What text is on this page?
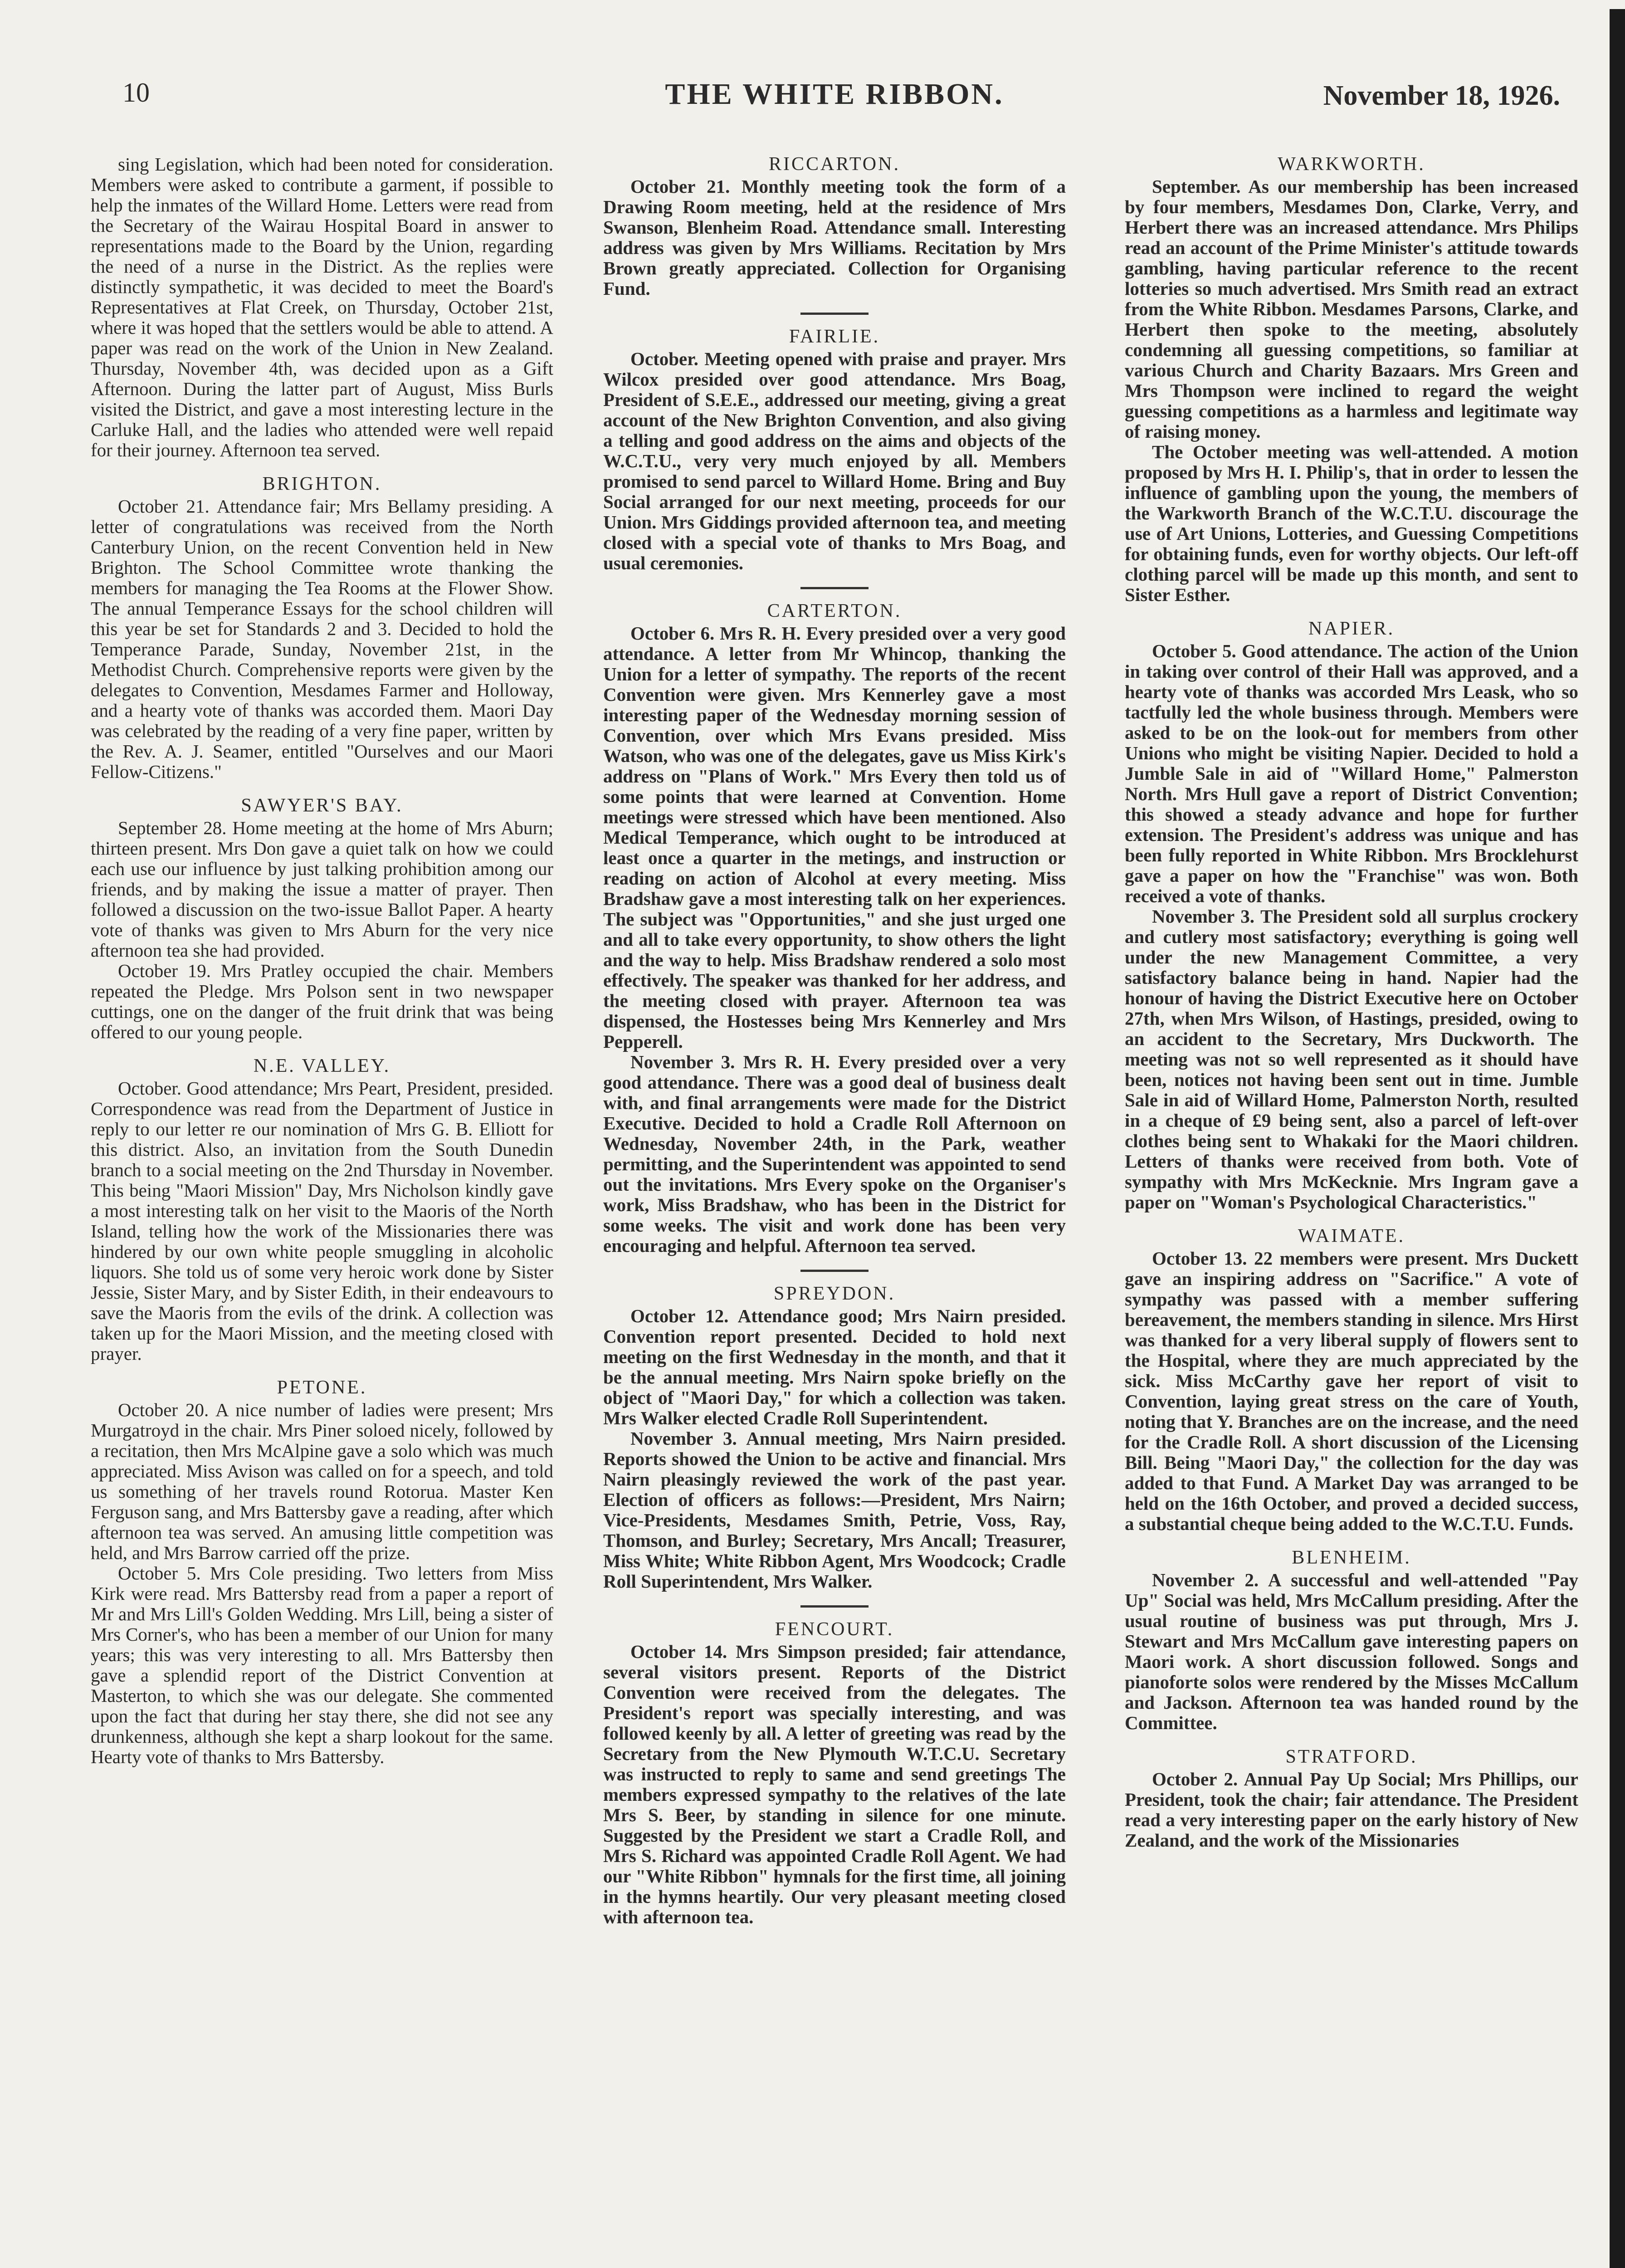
10	THE WHITE RIBBON.	November 18, 1926.

sing Legislation, which had been noted for consideration. Members were asked to contribute a garment, if possible to help the inmates of the Willard Home. Letters were read from the Secretary of the Wairau Hospital Board in answer to representations made to the Board by the Union, regarding the need of a nurse in the District. As the replies were distinctly sympathetic, it was decided to meet the Board's Representatives at Flat Creek, on Thursday, October 21st, where it was hoped that the settlers would be able to attend. A paper was read on the work of the Union in New Zealand. Thursday, November 4th, was decided upon as a Gift Afternoon. During the latter part of August, Miss Burls visited the District, and gave a most interesting lecture in the Carluke Hall, and the ladies who attended were well repaid for their journey. Afternoon tea served.

BRIGHTON.

October 21. Attendance fair; Mrs Bellamy presiding. A letter of congratulations was received from the North Canterbury Union, on the recent Convention held in New Brighton. The School Committee wrote thanking the members for managing the Tea Rooms at the Flower Show. The annual Temperance Essays for the school children will this year be set for Standards 2 and 3. Decided to hold the Temperance Parade, Sunday, November 21st, in the Methodist Church. Comprehensive reports were given by the delegates to Convention, Mesdames Farmer and Holloway, and a hearty vote of thanks was accorded them. Maori Day was celebrated by the reading of a very fine paper, written by the Rev. A. J. Seamer, entitled "Ourselves and our Maori Fellow-Citizens."

SAWYER'S BAY.

September 28. Home meeting at the home of Mrs Aburn; thirteen present. Mrs Don gave a quiet talk on how we could each use our influence by just talking prohibition among our friends, and by making the issue a matter of prayer. Then followed a discussion on the two-issue Ballot Paper. A hearty vote of thanks was given to Mrs Aburn for the very nice afternoon tea she had provided.

October 19. Mrs Pratley occupied the chair. Members repeated the Pledge. Mrs Polson sent in two newspaper cuttings, one on the danger of the fruit drink that was being offered to our young people.

N.E. VALLEY.

October. Good attendance; Mrs Peart, President, presided. Correspondence was read from the Department of Justice in reply to our letter re our nomination of Mrs G. B. Elliott for this district. Also, an invitation from the South Dunedin branch to a social meeting on the 2nd Thursday in November. This being "Maori Mission" Day, Mrs Nicholson kindly gave a most interesting talk on her visit to the Maoris of the North Island, telling how the work of the Missionaries there was hindered by our own white people smuggling in alcoholic liquors. She told us of some very heroic work done by Sister Jessie, Sister Mary, and by Sister Edith, in their endeavours to save the Maoris from the evils of the drink. A collection was taken up for the Maori Mission, and the meeting closed with prayer.

PETONE.

October 20. A nice number of ladies were present; Mrs Murgatroyd in the chair. Mrs Piner soloed nicely, followed by a recitation, then Mrs McAlpine gave a solo which was much appreciated. Miss Avison was called on for a speech, and told us something of her travels round Rotorua. Master Ken Ferguson sang, and Mrs Battersby gave a reading, after which afternoon tea was served. An amusing little competition was held, and Mrs Barrow carried off the prize.

October 5. Mrs Cole presiding. Two letters from Miss Kirk were read. Mrs Battersby read from a paper a report of Mr and Mrs Lill's Golden Wedding. Mrs Lill, being a sister of Mrs Corner's, who has been a member of our Union for many years; this was very interesting to all. Mrs Battersby then gave a splendid report of the District Convention at Masterton, to which she was our delegate. She commented upon the fact that during her stay there, she did not see any drunkenness, although she kept a sharp lookout for the same. Hearty vote of thanks to Mrs Battersby.

RICCARTON.

October 21. Monthly meeting took the form of a Drawing Room meeting, held at the residence of Mrs Swanson, Blenheim Road. Attendance small. Interesting address was given by Mrs Williams. Recitation by Mrs Brown greatly appreciated. Collection for Organising Fund.

FAIRLIE.

October. Meeting opened with praise and prayer. Mrs Wilcox presided over good attendance. Mrs Boag, President of S.E.E., addressed our meeting, giving a great account of the New Brighton Convention, and also giving a telling and good address on the aims and objects of the W.C.T.U., very very much enjoyed by all. Members promised to send parcel to Willard Home. Bring and Buy Social arranged for our next meeting, proceeds for our Union. Mrs Giddings provided afternoon tea, and meeting closed with a special vote of thanks to Mrs Boag, and usual ceremonies.

CARTERTON.

October 6. Mrs R. H. Every presided over a very good attendance. A letter from Mr Whincop, thanking the Union for a letter of sympathy. The reports of the recent Convention were given. Mrs Kennerley gave a most interesting paper of the Wednesday morning session of Convention, over which Mrs Evans presided. Miss Watson, who was one of the delegates, gave us Miss Kirk's address on "Plans of Work." Mrs Every then told us of some points that were learned at Convention. Home meetings were stressed which have been mentioned. Also Medical Temperance, which ought to be introduced at least once a quarter in the metings, and instruction or reading on action of Alcohol at every meeting. Miss Bradshaw gave a most interesting talk on her experiences. The subject was "Opportunities," and she just urged one and all to take every opportunity, to show others the light and the way to help. Miss Bradshaw rendered a solo most effectively. The speaker was thanked for her address, and the meeting closed with prayer. Afternoon tea was dispensed, the Hostesses being Mrs Kennerley and Mrs Pepperell.

November 3. Mrs R. H. Every presided over a very good attendance. There was a good deal of business dealt with, and final arrangements were made for the District Executive. Decided to hold a Cradle Roll Afternoon on Wednesday, November 24th, in the Park, weather permitting, and the Superintendent was appointed to send out the invitations. Mrs Every spoke on the Organiser's work, Miss Bradshaw, who has been in the District for some weeks. The visit and work done has been very encouraging and helpful. Afternoon tea served.

SPREYDON.

October 12. Attendance good; Mrs Nairn presided. Convention report presented. Decided to hold next meeting on the first Wednesday in the month, and that it be the annual meeting. Mrs Nairn spoke briefly on the object of "Maori Day," for which a collection was taken. Mrs Walker elected Cradle Roll Superintendent.

November 3. Annual meeting, Mrs Nairn presided. Reports showed the Union to be active and financial. Mrs Nairn pleasingly reviewed the work of the past year. Election of officers as follows:—President, Mrs Nairn; Vice-Presidents, Mesdames Smith, Petrie, Voss, Ray, Thomson, and Burley; Secretary, Mrs Ancall; Treasurer, Miss White; White Ribbon Agent, Mrs Woodcock; Cradle Roll Superintendent, Mrs Walker.

FENCOURT.

October 14. Mrs Simpson presided; fair attendance, several visitors present. Reports of the District Convention were received from the delegates. The President's report was specially interesting, and was followed keenly by all. A letter of greeting was read by the Secretary from the New Plymouth W.T.C.U. Secretary was instructed to reply to same and send greetings The members expressed sympathy to the relatives of the late Mrs S. Beer, by standing in silence for one minute. Suggested by the President we start a Cradle Roll, and Mrs S. Richard was appointed Cradle Roll Agent. We had our "White Ribbon" hymnals for the first time, all joining in the hymns heartily. Our very pleasant meeting closed with afternoon tea.

WARKWORTH.

September. As our membership has been increased by four members, Mesdames Don, Clarke, Verry, and Herbert there was an increased attendance. Mrs Philips read an account of the Prime Minister's attitude towards gambling, having particular reference to the recent lotteries so much advertised. Mrs Smith read an extract from the White Ribbon. Mesdames Parsons, Clarke, and Herbert then spoke to the meeting, absolutely condemning all guessing competitions, so familiar at various Church and Charity Bazaars. Mrs Green and Mrs Thompson were inclined to regard the weight guessing competitions as a harmless and legitimate way of raising money.

The October meeting was well-attended. A motion proposed by Mrs H. I. Philip's, that in order to lessen the influence of gambling upon the young, the members of the Warkworth Branch of the W.C.T.U. discourage the use of Art Unions, Lotteries, and Guessing Competitions for obtaining funds, even for worthy objects. Our left-off clothing parcel will be made up this month, and sent to Sister Esther.

NAPIER.

October 5. Good attendance. The action of the Union in taking over control of their Hall was approved, and a hearty vote of thanks was accorded Mrs Leask, who so tactfully led the whole business through. Members were asked to be on the look-out for members from other Unions who might be visiting Napier. Decided to hold a Jumble Sale in aid of "Willard Home," Palmerston North. Mrs Hull gave a report of District Convention; this showed a steady advance and hope for further extension. The President's address was unique and has been fully reported in White Ribbon. Mrs Brocklehurst gave a paper on how the "Franchise" was won. Both received a vote of thanks.

November 3. The President sold all surplus crockery and cutlery most satisfactory; everything is going well under the new Management Committee, a very satisfactory balance being in hand. Napier had the honour of having the District Executive here on October 27th, when Mrs Wilson, of Hastings, presided, owing to an accident to the Secretary, Mrs Duckworth. The meeting was not so well represented as it should have been, notices not having been sent out in time. Jumble Sale in aid of Willard Home, Palmerston North, resulted in a cheque of £9 being sent, also a parcel of left-over clothes being sent to Whakaki for the Maori children. Letters of thanks were received from both. Vote of sympathy with Mrs McKecknie. Mrs Ingram gave a paper on "Woman's Psychological Characteristics."

WAIMATE.

October 13. 22 members were present. Mrs Duckett gave an inspiring address on "Sacrifice." A vote of sympathy was passed with a member suffering bereavement, the members standing in silence. Mrs Hirst was thanked for a very liberal supply of flowers sent to the Hospital, where they are much appreciated by the sick. Miss McCarthy gave her report of visit to Convention, laying great stress on the care of Youth, noting that Y. Branches are on the increase, and the need for the Cradle Roll. A short discussion of the Licensing Bill. Being "Maori Day," the collection for the day was added to that Fund. A Market Day was arranged to be held on the 16th October, and proved a decided success, a substantial cheque being added to the W.C.T.U. Funds.

BLENHEIM.

November 2. A successful and well-attended "Pay Up" Social was held, Mrs McCallum presiding. After the usual routine of business was put through, Mrs J. Stewart and Mrs McCallum gave interesting papers on Maori work. A short discussion followed. Songs and pianoforte solos were rendered by the Misses McCallum and Jackson. Afternoon tea was handed round by the Committee.

STRATFORD.

October 2. Annual Pay Up Social; Mrs Phillips, our President, took the chair; fair attendance. The President read a very interesting paper on the early history of New Zealand, and the work of the Missionaries
